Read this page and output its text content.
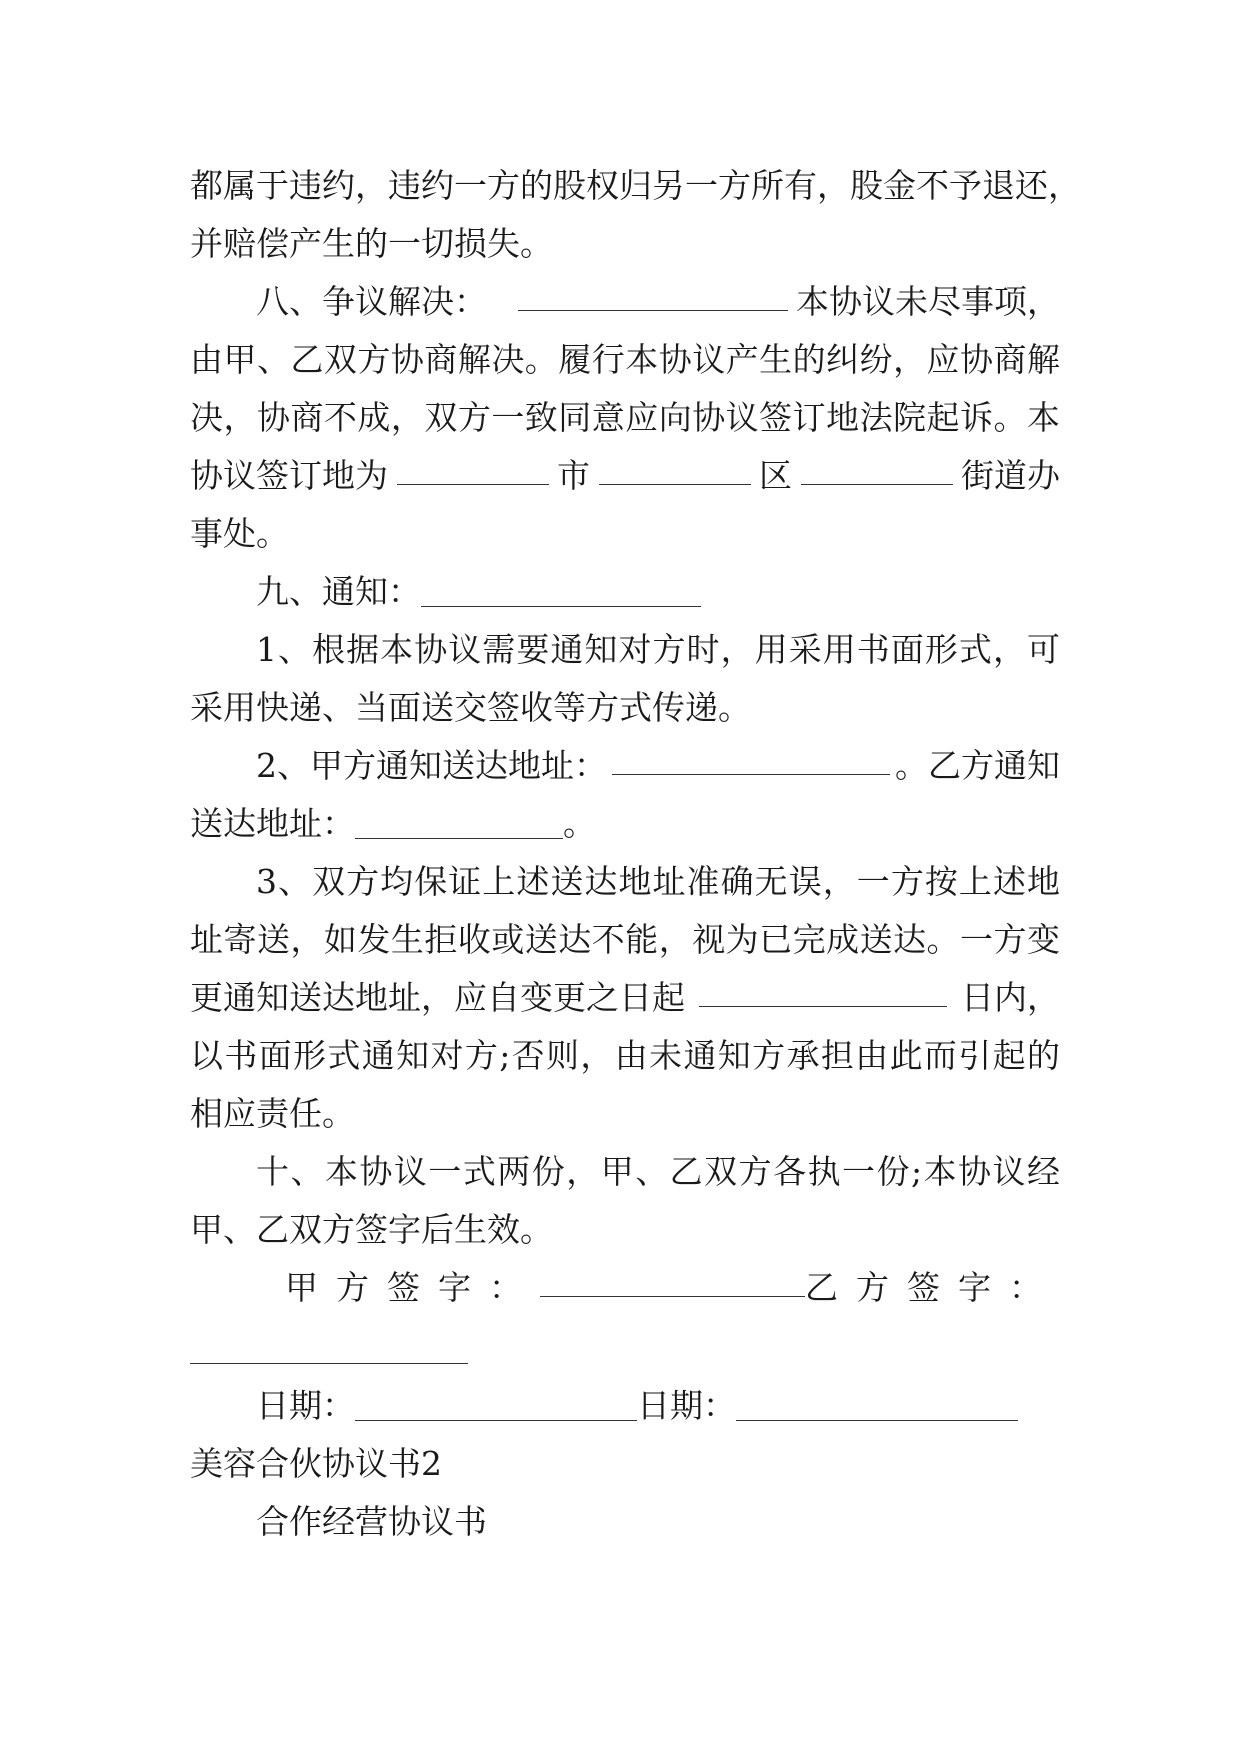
都属于违约，违约一方的股权归另一方所有，股金不予退还，
并赔偿产生的一切损失。
八、争议解决：	本协议未尽事项，
由甲、乙双方协商解决。履行本协议产生的纠纷，应协商解
决，协商不成，双方一致同意应向协议签订地法院起诉。本
协议签订地为	市	区	街道办
事处。
九、通知：
1、根据本协议需要通知对方时，用采用书面形式，可
采用快递、当面送交签收等方式传递。
2、甲方通知送达地址：	。乙方通知
送达地址：	。
3、双方均保证上述送达地址准确无误，一方按上述地
址寄送，如发生拒收或送达不能，视为已完成送达。一方变
更通知送达地址，应自变更之日起	日内，
以书面形式通知对方;否则，由未通知方承担由此而引起的
相应责任。
十、本协议一式两份，甲、乙双方各执一份;本协议经
甲、乙双方签字后生效。
甲方签字：	乙方签字：
日期：	日期：
美容合伙协议书2
合作经营协议书
